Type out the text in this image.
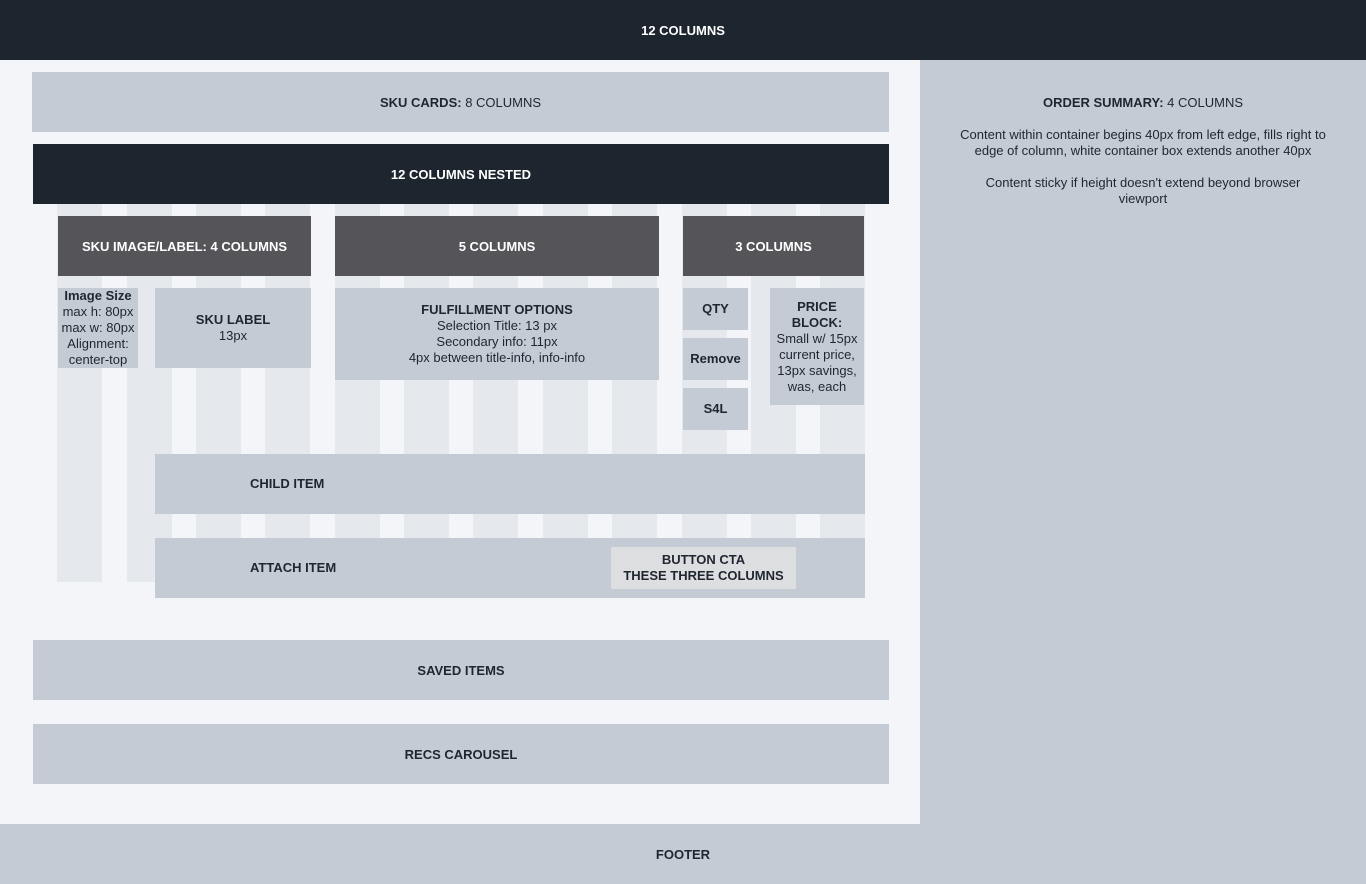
12 COLUMNS
ORDER SUMMARY: 4 COLUMNS
Content within container begins 40px from left edge, fills right to edge of column, white container box extends another 40px
Content sticky if height doesn't extend beyond browser viewport
SKU CARDS: 8 COLUMNS
12 COLUMNS NESTED
SKU IMAGE/LABEL: 4 COLUMNS	5 COLUMNS	3 COLUMNS
Image Size
max h: 80px
max w: 80px
Alignment:
center-top
SKU LABEL
13px
FULFILLMENT OPTIONS
Selection Title: 13 px
Secondary info: 11px
4px between title-info, info-info
QTY
Remove
S4L
PRICE BLOCK:
Small w/ 15px
current price,
13px savings,
was, each
CHILD ITEM
ATTACH ITEM
BUTTON CTA
THESE THREE COLUMNS
SAVED ITEMS
RECS CAROUSEL
FOOTER
